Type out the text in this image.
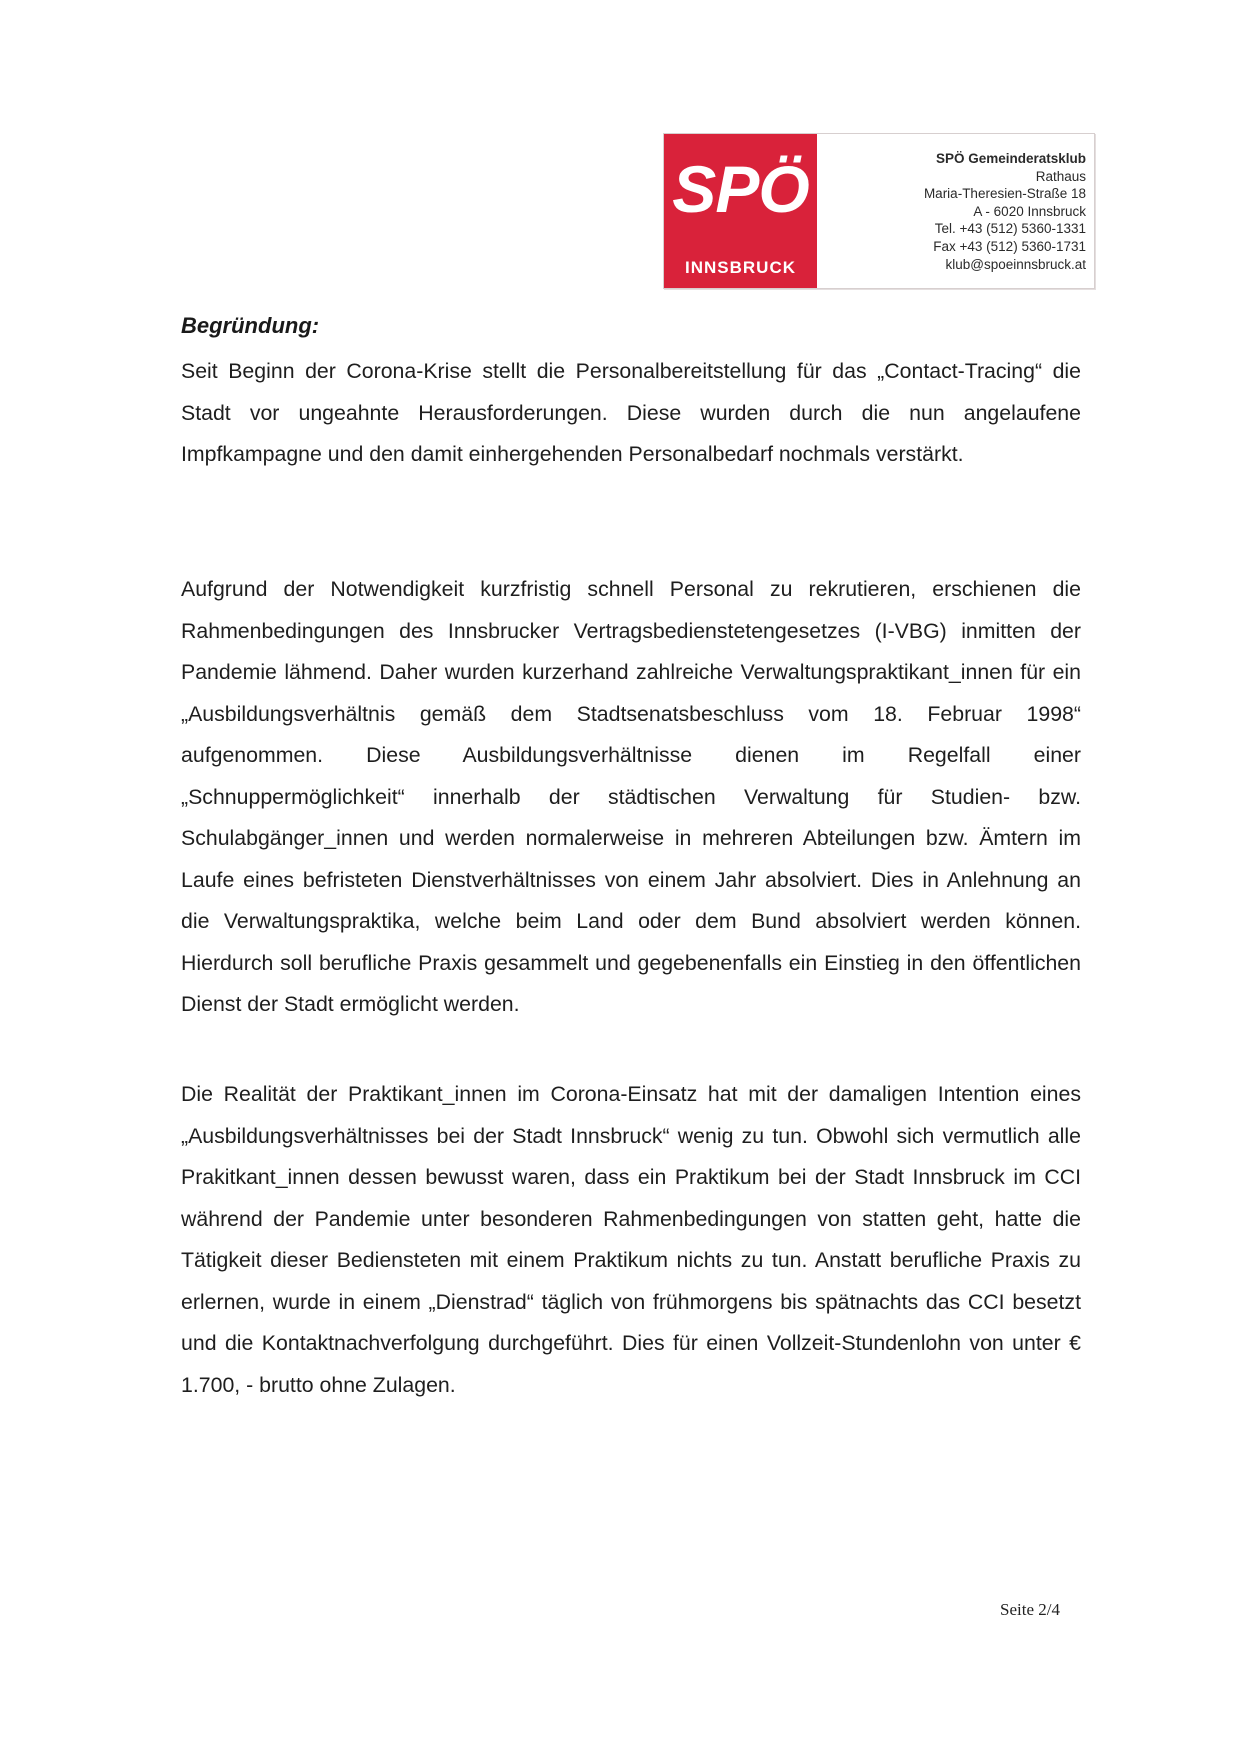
SPÖ
INNSBRUCK
SPÖ Gemeinderatsklub
Rathaus
Maria-Theresien-Straße 18
A - 6020 Innsbruck
Tel. +43 (512) 5360-1331
Fax +43 (512) 5360-1731
klub@spoeinnsbruck.at
Begründung:

Seit Beginn der Corona-Krise stellt die Personalbereitstellung für das „Contact-Tracing“ die Stadt vor ungeahnte Herausforderungen. Diese wurden durch die nun angelaufene Impfkampagne und den damit einhergehenden Personalbedarf nochmals verstärkt.

Aufgrund der Notwendigkeit kurzfristig schnell Personal zu rekrutieren, erschienen die Rahmenbedingungen des Innsbrucker Vertragsbedienstetengesetzes (I-VBG) inmitten der Pandemie lähmend. Daher wurden kurzerhand zahlreiche Verwaltungspraktikant_innen für ein „Ausbildungsverhältnis gemäß dem Stadtsenatsbeschluss vom 18. Februar 1998“ aufgenommen. Diese Ausbildungsverhältnisse dienen im Regelfall einer „Schnuppermöglichkeit“ innerhalb der städtischen Verwaltung für Studien- bzw. Schulabgänger_innen und werden normalerweise in mehreren Abteilungen bzw. Ämtern im Laufe eines befristeten Dienstverhältnisses von einem Jahr absolviert. Dies in Anlehnung an die Verwaltungspraktika, welche beim Land oder dem Bund absolviert werden können. Hierdurch soll berufliche Praxis gesammelt und gegebenenfalls ein Einstieg in den öffentlichen Dienst der Stadt ermöglicht werden.

Die Realität der Praktikant_innen im Corona-Einsatz hat mit der damaligen Intention eines „Ausbildungsverhältnisses bei der Stadt Innsbruck“ wenig zu tun. Obwohl sich vermutlich alle Prakitkant_innen dessen bewusst waren, dass ein Praktikum bei der Stadt Innsbruck im CCI während der Pandemie unter besonderen Rahmenbedingungen von statten geht, hatte die Tätigkeit dieser Bediensteten mit einem Praktikum nichts zu tun. Anstatt berufliche Praxis zu erlernen, wurde in einem „Dienstrad“ täglich von frühmorgens bis spätnachts das CCI besetzt und die Kontaktnachverfolgung durchgeführt. Dies für einen Vollzeit-Stundenlohn von unter € 1.700, - brutto ohne Zulagen.

Seite 2/4
